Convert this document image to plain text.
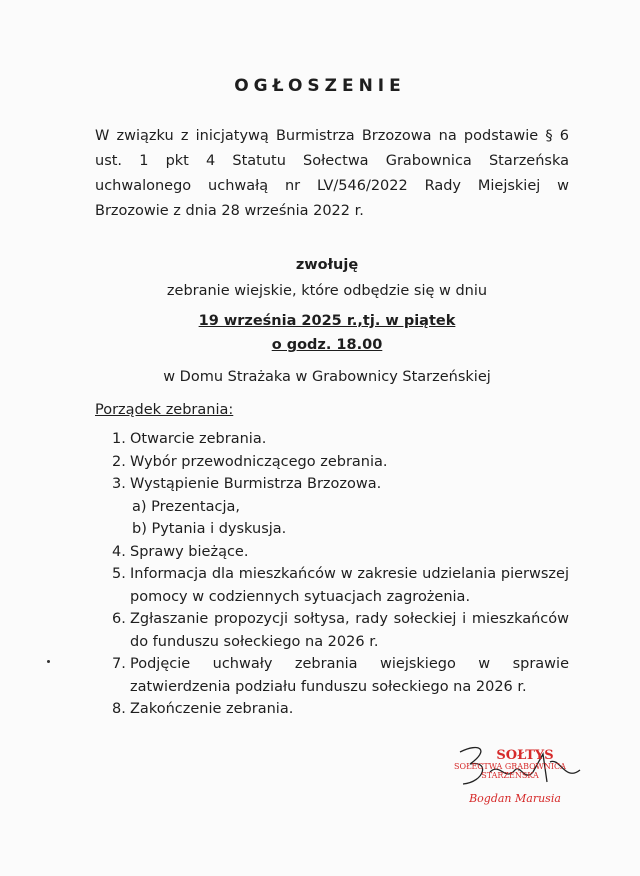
OGŁOSZENIE
W związku z inicjatywą Burmistrza Brzozowa na podstawie § 6 ust. 1 pkt 4 Statutu Sołectwa Grabownica Starzeńska uchwalonego uchwałą nr LV/546/2022 Rady Miejskiej w Brzozowie z dnia 28 września 2022 r.
zwołuję
zebranie wiejskie, które odbędzie się w dniu
19 września 2025 r.,tj. w piątek
o godz. 18.00
w Domu Strażaka w Grabownicy Starzeńskiej
Porządek zebrania:
1. Otwarcie zebrania.
2. Wybór przewodniczącego zebrania.
3. Wystąpienie Burmistrza Brzozowa.
a) Prezentacja,
b) Pytania i dyskusja.
4. Sprawy bieżące.
5. Informacja dla mieszkańców w zakresie udzielania pierwszej pomocy w codziennych sytuacjach zagrożenia.
6. Zgłaszanie propozycji sołtysa, rady sołeckiej i mieszkańców do funduszu sołeckiego na 2026 r.
7. Podjęcie uchwały zebrania wiejskiego w sprawie zatwierdzenia podziału funduszu sołeckiego na 2026 r.
8. Zakończenie zebrania.
SOŁTYS
SOŁECTWA GRABOWNICA STARZEŃSKA
Bogdan Marusia
